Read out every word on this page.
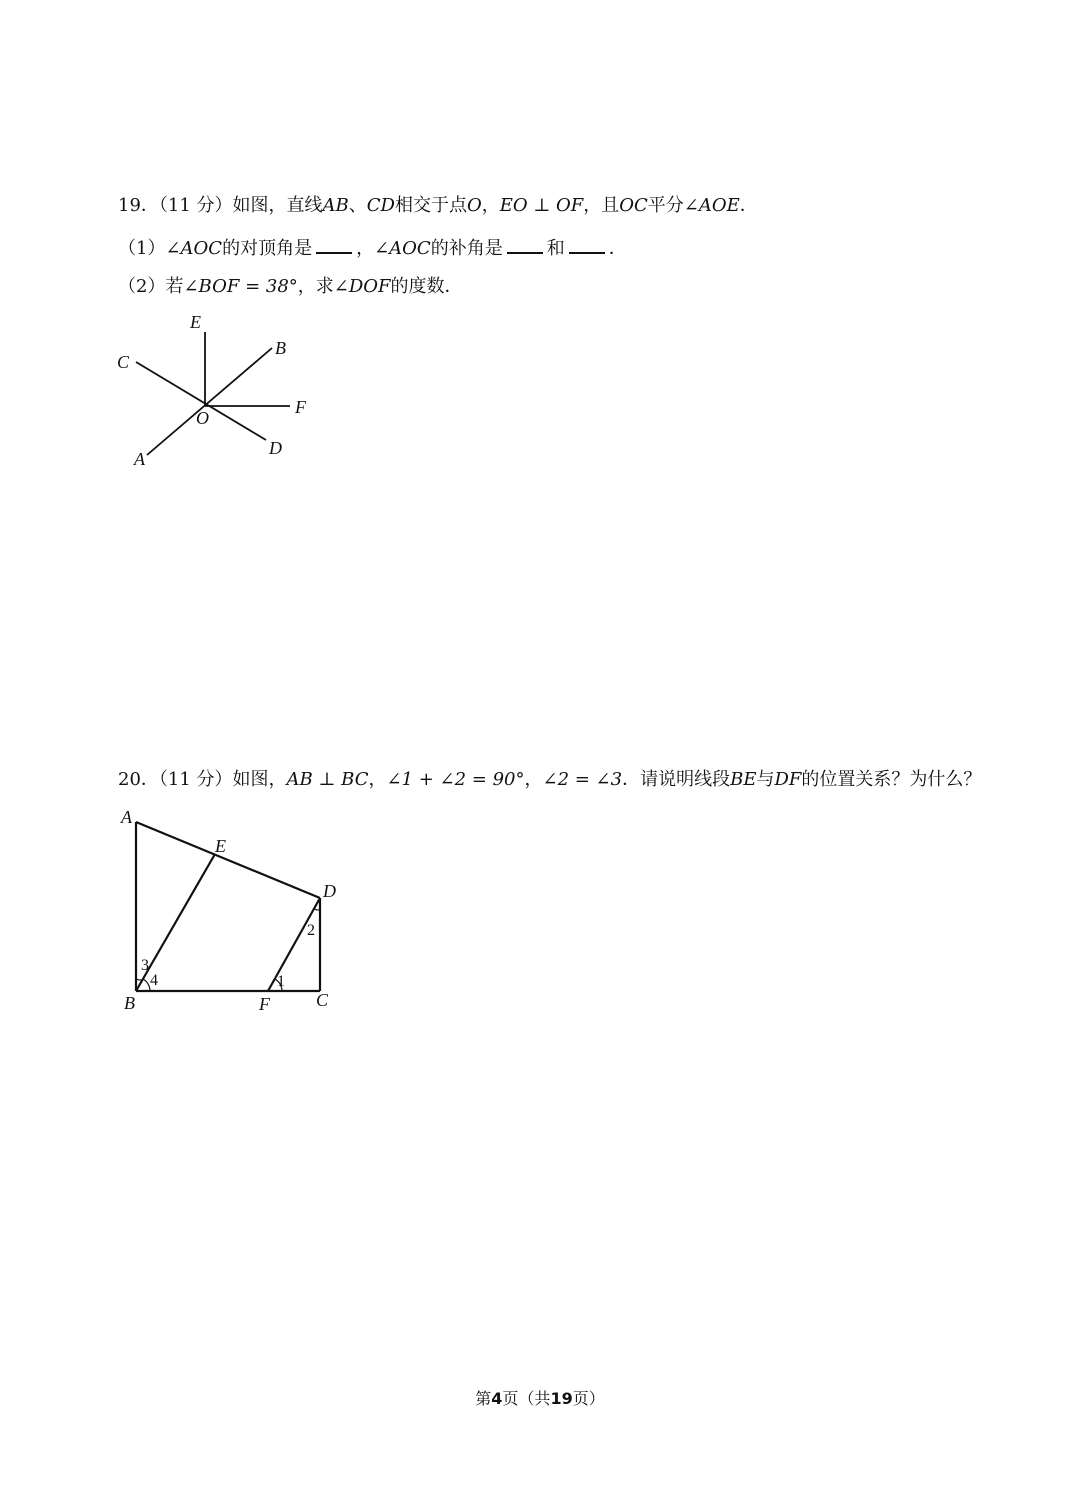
19．（11 分）如图，直线AB、CD相交于点O，EO ⊥ OF，且OC平分∠AOE．
（1）∠AOC的对顶角是 ，∠AOC的补角是 和 ．
（2）若∠BOF = 38°，求∠DOF的度数．
E
B
C
F
O
A
D
20．（11 分）如图，AB ⊥ BC，∠1 + ∠2 = 90°，∠2 = ∠3．请说明线段BE与DF的位置关系？为什么？
A
E
D
B	F	C
3
4	1
2
第4页（共19页）
